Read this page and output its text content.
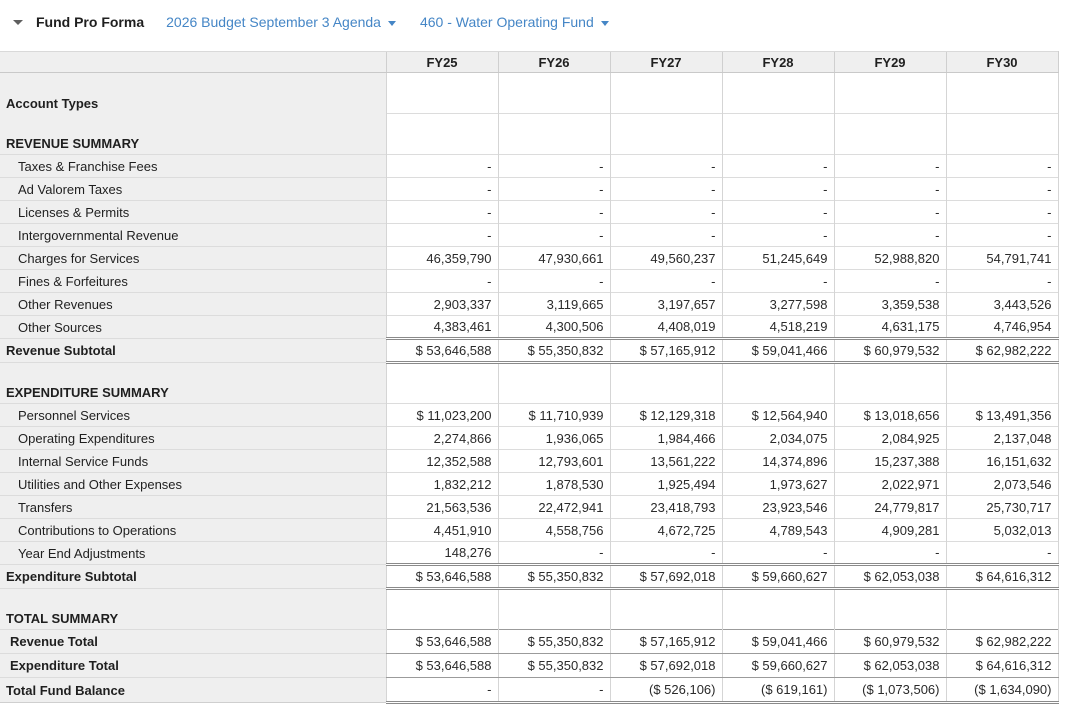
Fund Pro Forma 2026 Budget September 3 Agenda	460 - Water Operating Fund
	FY25	FY26	FY27	FY28	FY29	FY30
Account Types						
REVENUE SUMMARY						
Taxes & Franchise Fees	-	-	-	-	-	-
Ad Valorem Taxes	-	-	-	-	-	-
Licenses & Permits	-	-	-	-	-	-
Intergovernmental Revenue	-	-	-	-	-	-
Charges for Services	46,359,790	47,930,661	49,560,237	51,245,649	52,988,820	54,791,741
Fines & Forfeitures	-	-	-	-	-	-
Other Revenues	2,903,337	3,119,665	3,197,657	3,277,598	3,359,538	3,443,526
Other Sources	4,383,461	4,300,506	4,408,019	4,518,219	4,631,175	4,746,954
Revenue Subtotal	$ 53,646,588	$ 55,350,832	$ 57,165,912	$ 59,041,466	$ 60,979,532	$ 62,982,222
EXPENDITURE SUMMARY						
Personnel Services	$ 11,023,200	$ 11,710,939	$ 12,129,318	$ 12,564,940	$ 13,018,656	$ 13,491,356
Operating Expenditures	2,274,866	1,936,065	1,984,466	2,034,075	2,084,925	2,137,048
Internal Service Funds	12,352,588	12,793,601	13,561,222	14,374,896	15,237,388	16,151,632
Utilities and Other Expenses	1,832,212	1,878,530	1,925,494	1,973,627	2,022,971	2,073,546
Transfers	21,563,536	22,472,941	23,418,793	23,923,546	24,779,817	25,730,717
Contributions to Operations	4,451,910	4,558,756	4,672,725	4,789,543	4,909,281	5,032,013
Year End Adjustments	148,276	-	-	-	-	-
Expenditure Subtotal	$ 53,646,588	$ 55,350,832	$ 57,692,018	$ 59,660,627	$ 62,053,038	$ 64,616,312
TOTAL SUMMARY						
Revenue Total	$ 53,646,588	$ 55,350,832	$ 57,165,912	$ 59,041,466	$ 60,979,532	$ 62,982,222
Expenditure Total	$ 53,646,588	$ 55,350,832	$ 57,692,018	$ 59,660,627	$ 62,053,038	$ 64,616,312
Total Fund Balance	-	-	($ 526,106)	($ 619,161)	($ 1,073,506)	($ 1,634,090)
